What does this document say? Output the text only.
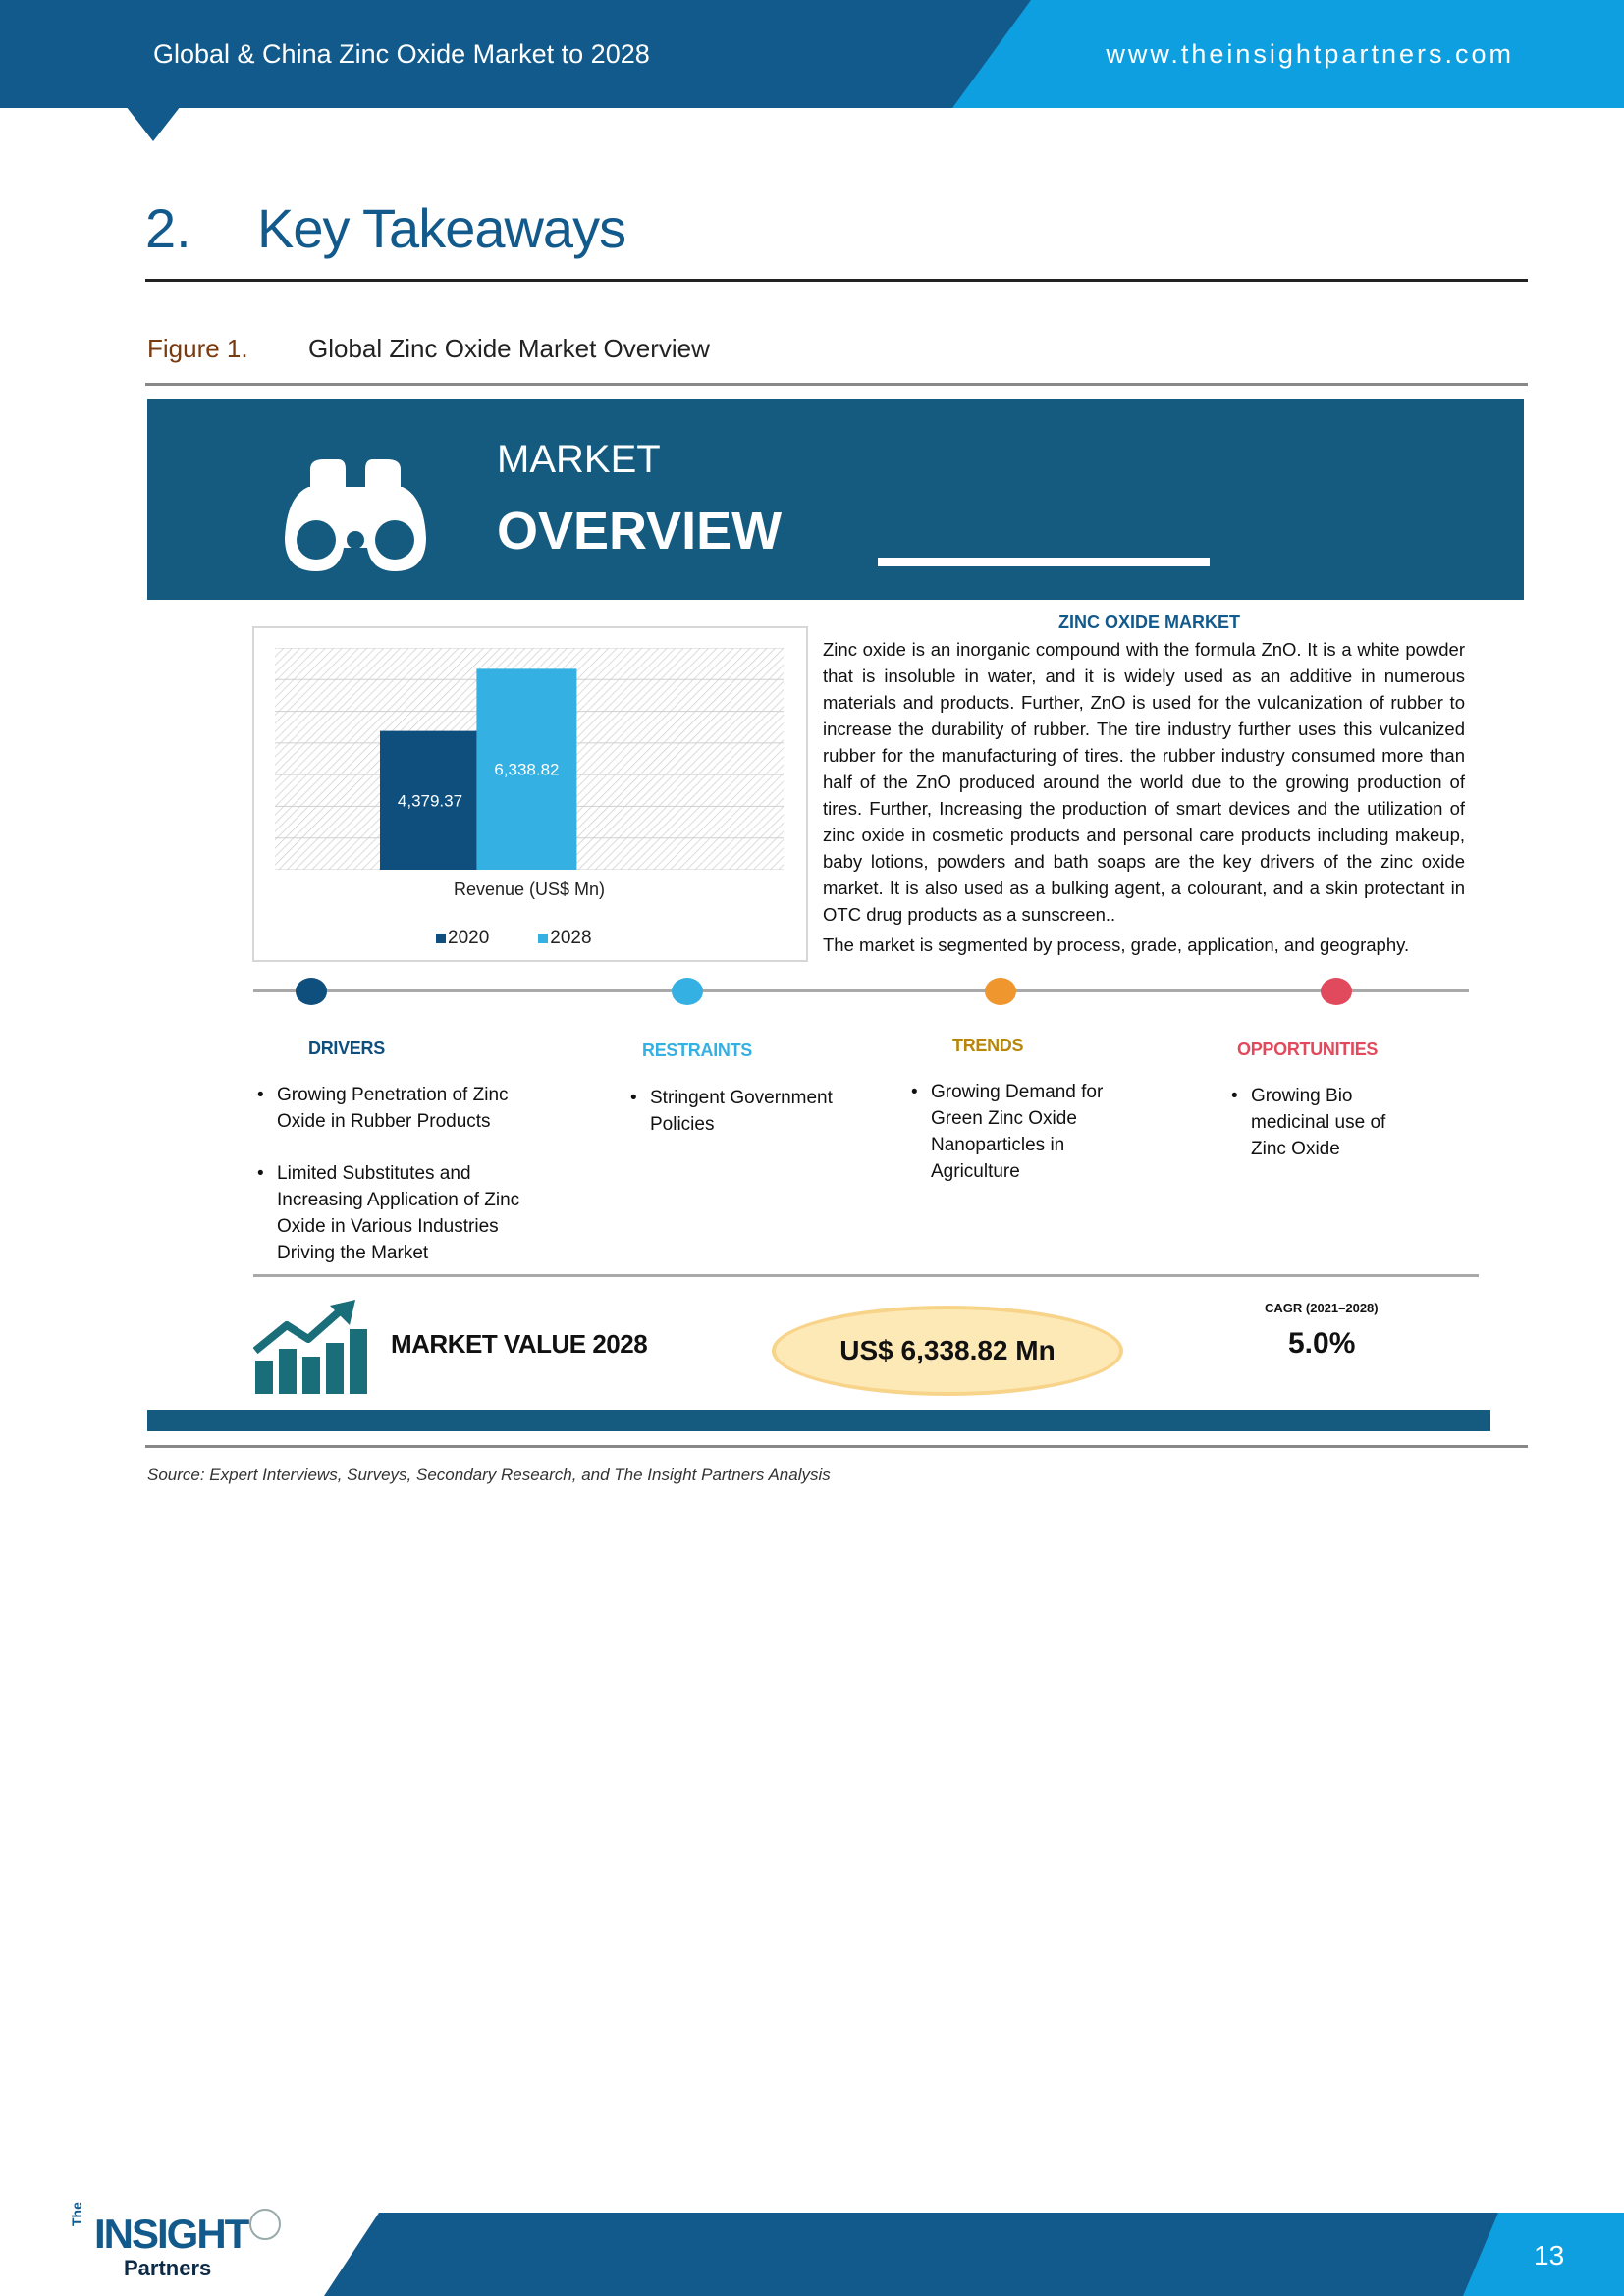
Global & China Zinc Oxide Market to 2028	www.theinsightpartners.com
2. Key Takeaways
Figure 1. Global Zinc Oxide Market Overview
MARKET
OVERVIEW
4,379.37
6,338.82
Revenue (US$ Mn)
2020	2028
ZINC OXIDE MARKET
Zinc oxide is an inorganic compound with the formula ZnO. It is a white powder that is insoluble in water, and it is widely used as an additive in numerous materials and products. Further, ZnO is used for the vulcanization of rubber to increase the durability of rubber. The tire industry further uses this vulcanized rubber for the manufacturing of tires. the rubber industry consumed more than half of the ZnO produced around the world due to the growing production of tires. Further, Increasing the production of smart devices and the utilization of zinc oxide in cosmetic products and personal care products including makeup, baby lotions, powders and bath soaps are the key drivers of the zinc oxide market. It is also used as a bulking agent, a colourant, and a skin protectant in OTC drug products as a sunscreen..
The market is segmented by process, grade, application, and geography.
DRIVERS
• Growing Penetration of Zinc Oxide in Rubber Products
• Limited Substitutes and Increasing Application of Zinc Oxide in Various Industries Driving the Market
RESTRAINTS
• Stringent Government Policies
TRENDS
• Growing Demand for Green Zinc Oxide Nanoparticles in Agriculture
OPPORTUNITIES
• Growing Bio medicinal use of Zinc Oxide
MARKET VALUE 2028	US$ 6,338.82 Mn
CAGR (2021–2028)
5.0%
Source: Expert Interviews, Surveys, Secondary Research, and The Insight Partners Analysis
13
The INSIGHT
Partners
